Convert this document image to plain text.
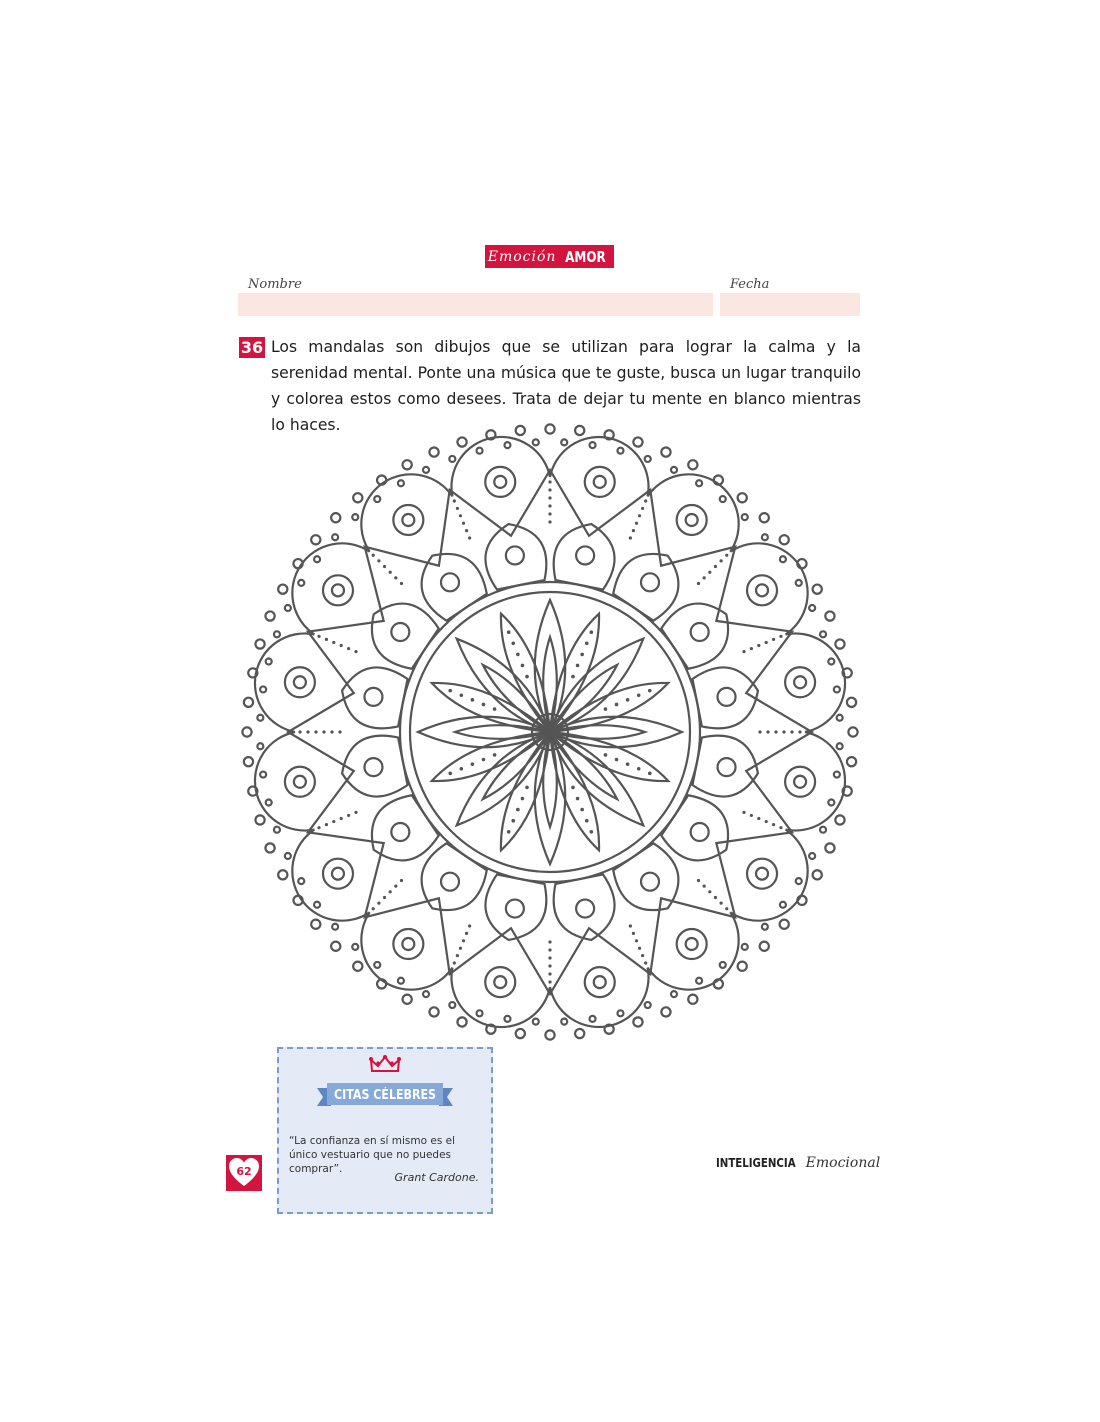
Emoción AMOR
Nombre	Fecha
36 Los mandalas son dibujos que se utilizan para lograr la calma y la serenidad mental. Ponte una música que te guste, busca un lugar tranquilo y colorea estos como desees. Trata de dejar tu mente en blanco mientras lo haces.
CITAS CÉLEBRES
“La confianza en sí mismo es el único vestuario que no puedes comprar”.
Grant Cardone.
62
INTELIGENCIA Emocional
